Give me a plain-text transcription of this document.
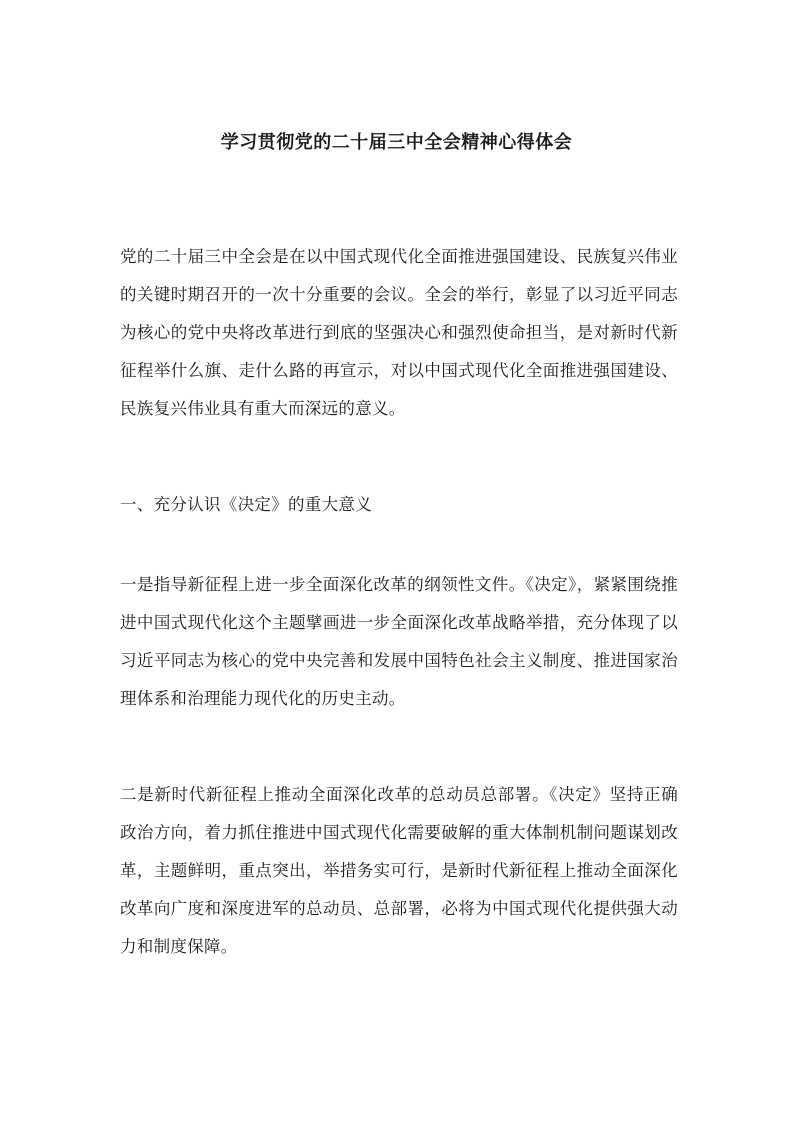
学习贯彻党的二十届三中全会精神心得体会
党的二十届三中全会是在以中国式现代化全面推进强国建设、民族复兴伟业的关键时期召开的一次十分重要的会议。全会的举行，彰显了以习近平同志为核心的党中央将改革进行到底的坚强决心和强烈使命担当，是对新时代新征程举什么旗、走什么路的再宣示，对以中国式现代化全面推进强国建设、民族复兴伟业具有重大而深远的意义。
一、充分认识《决定》的重大意义
一是指导新征程上进一步全面深化改革的纲领性文件。《决定》，紧紧围绕推进中国式现代化这个主题擘画进一步全面深化改革战略举措，充分体现了以习近平同志为核心的党中央完善和发展中国特色社会主义制度、推进国家治理体系和治理能力现代化的历史主动。
二是新时代新征程上推动全面深化改革的总动员总部署。《决定》坚持正确政治方向，着力抓住推进中国式现代化需要破解的重大体制机制问题谋划改革，主题鲜明，重点突出，举措务实可行，是新时代新征程上推动全面深化改革向广度和深度进军的总动员、总部署，必将为中国式现代化提供强大动力和制度保障。
